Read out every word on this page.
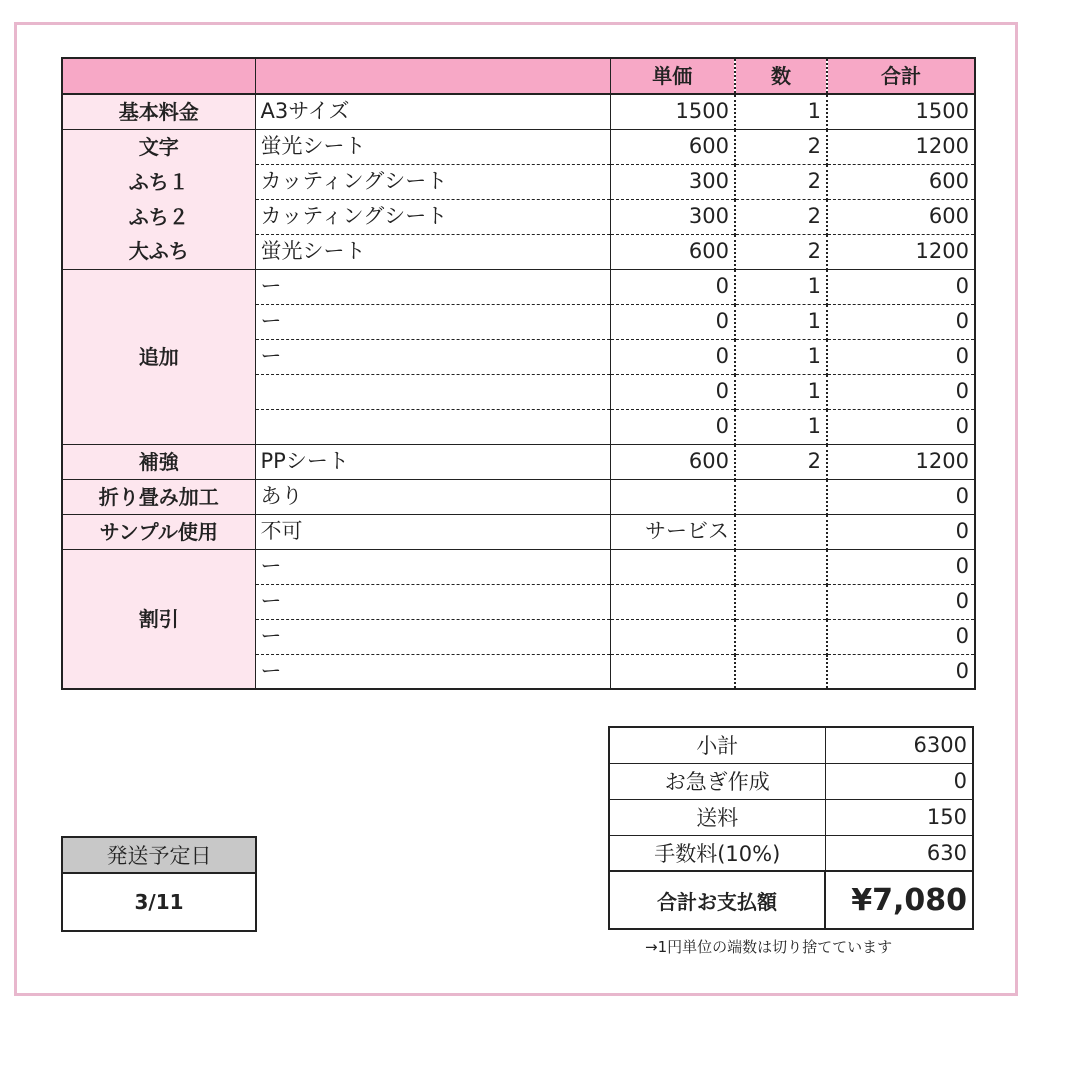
		単価	数	合計
基本料金	A3サイズ	1500	1	1500
文字	蛍光シート	600	2	1200
ふち１	カッティングシート	300	2	600
ふち２	カッティングシート	300	2	600
大ふち	蛍光シート	600	2	1200
追加	ー	0	1	0
	ー	0	1	0
	ー	0	1	0
		0	1	0
		0	1	0
補強	PPシート	600	2	1200
折り畳み加工	あり			0
サンプル使用	不可	サービス		0
割引	ー			0
	ー			0
	ー			0
	ー			0
小計	6300
お急ぎ作成	0
送料	150
手数料(10%)	630
合計お支払額	¥7,080
→1円単位の端数は切り捨てています
発送予定日
3/11
